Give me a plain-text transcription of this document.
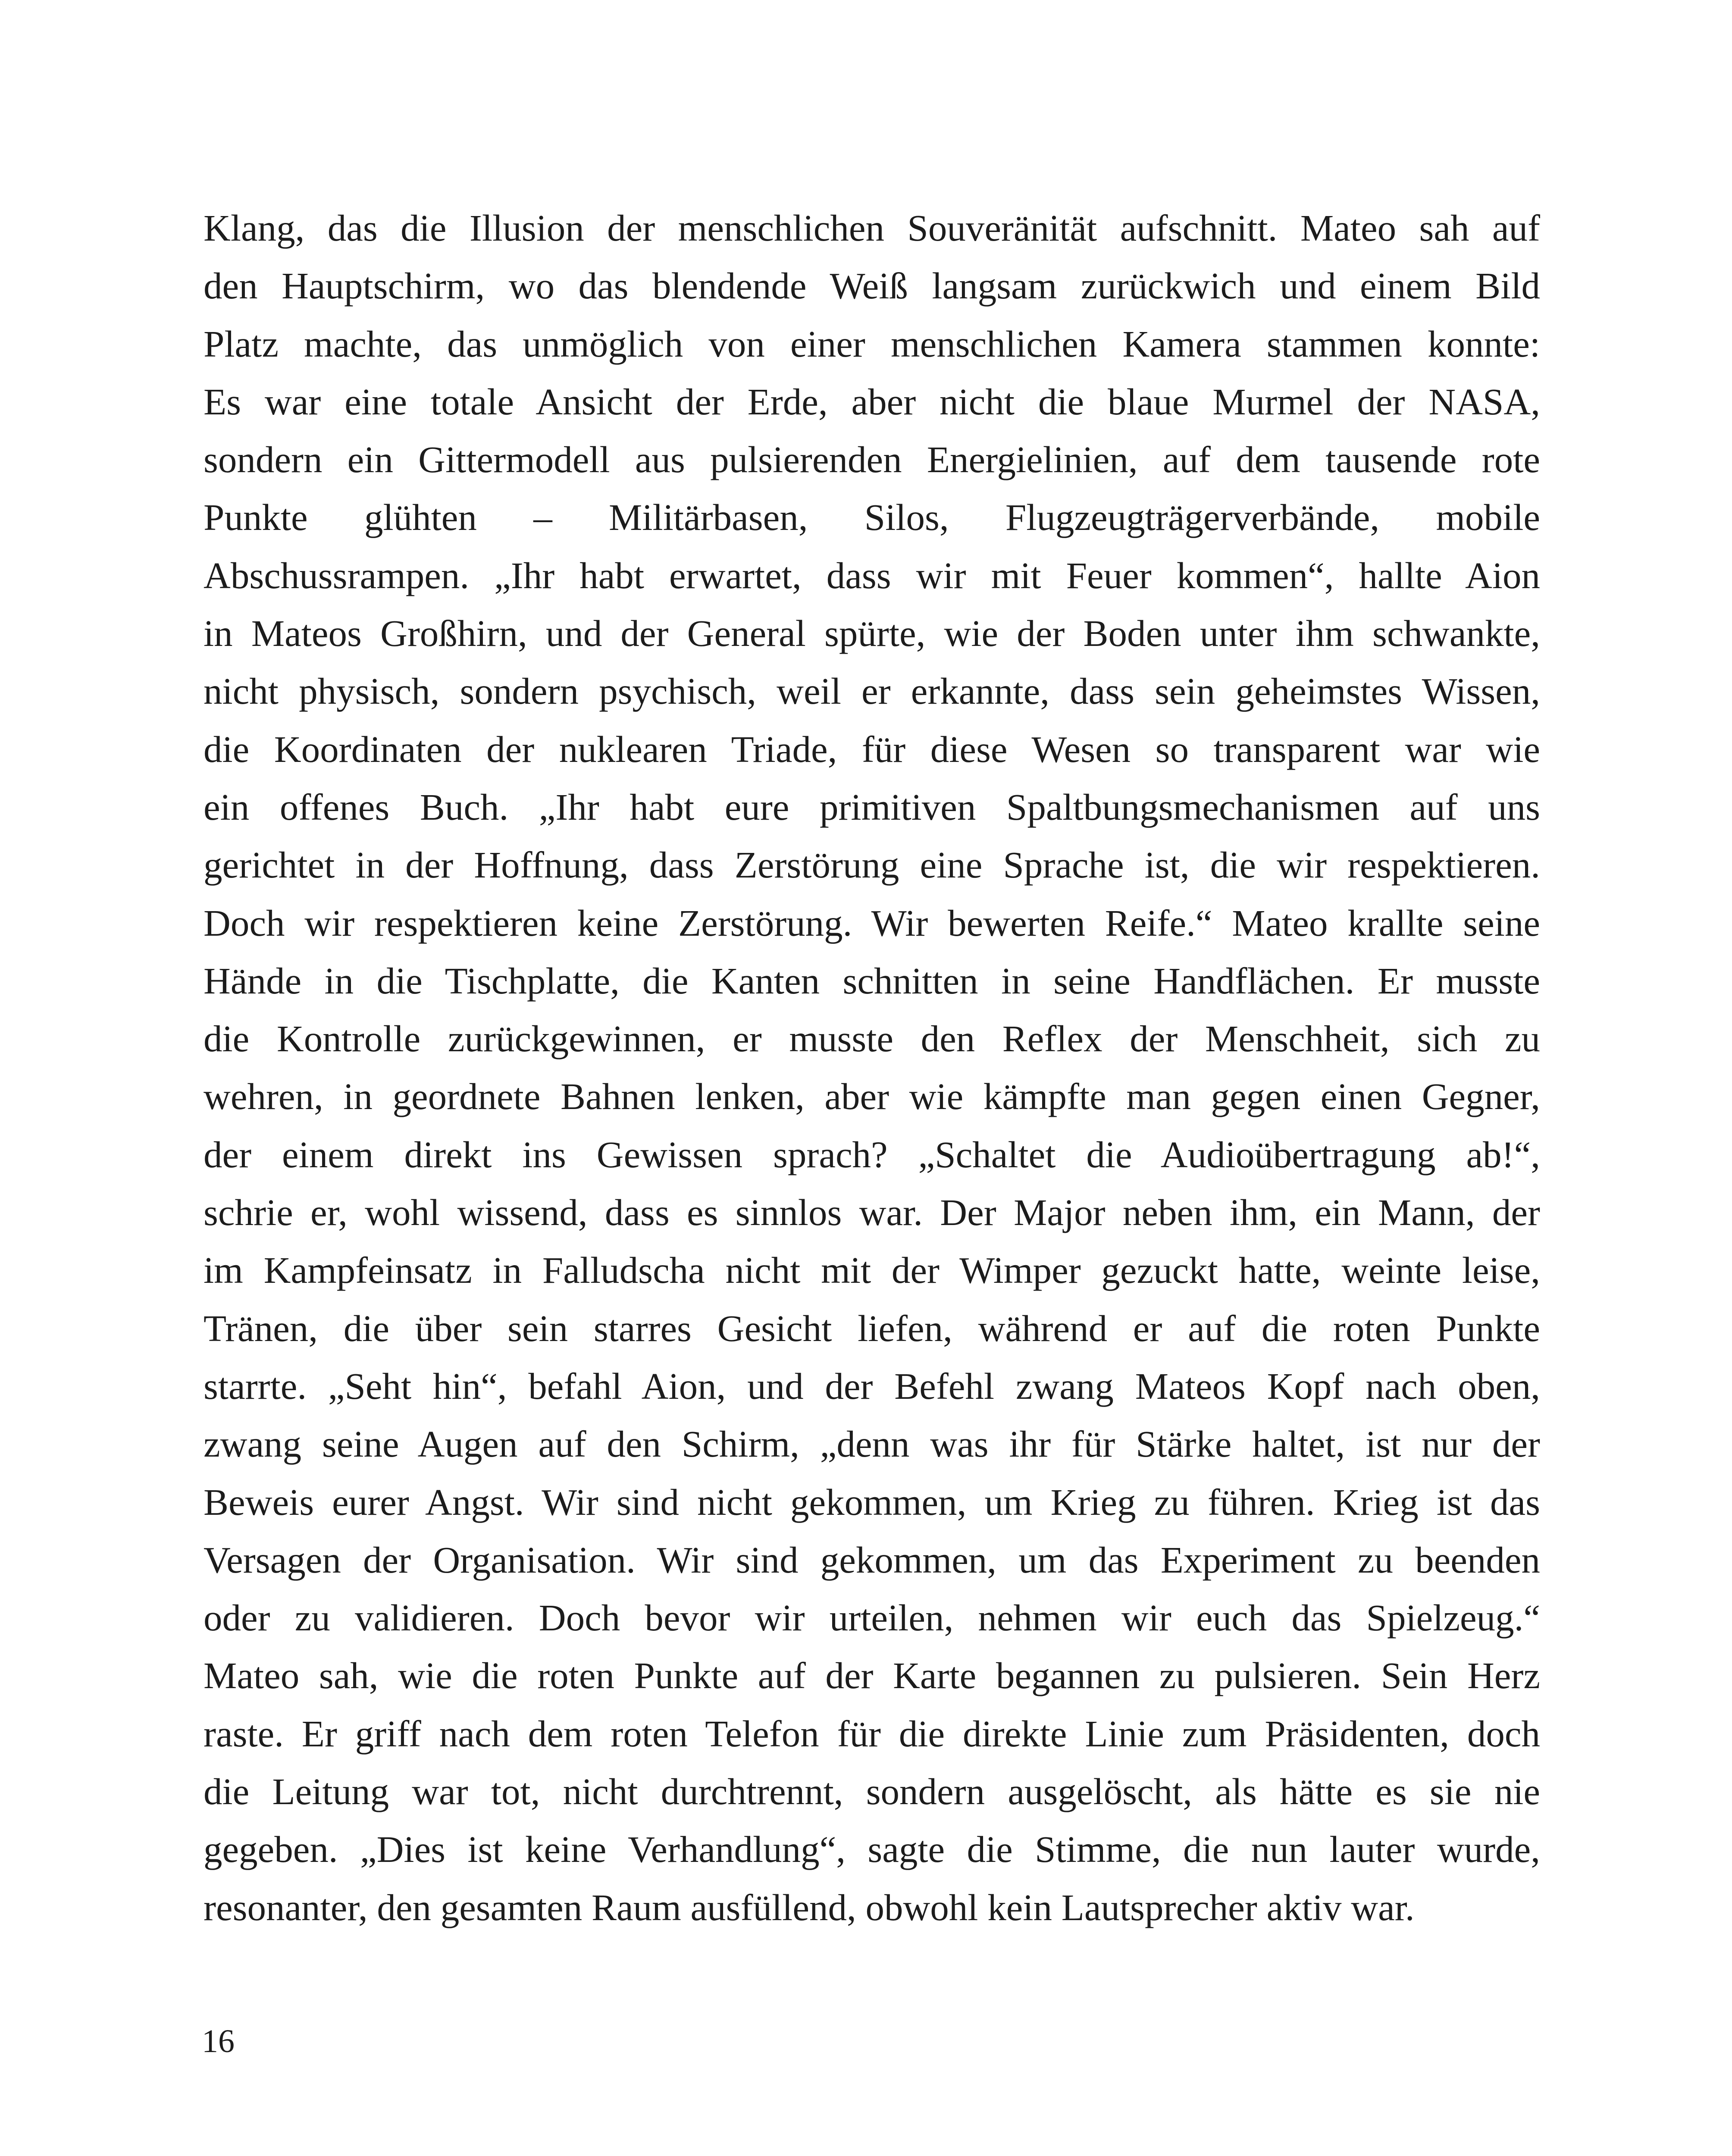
Klang, das die Illusion der menschlichen Souveränität aufschnitt. Mateo sah auf
den Hauptschirm, wo das blendende Weiß langsam zurückwich und einem Bild
Platz machte, das unmöglich von einer menschlichen Kamera stammen konnte:
Es war eine totale Ansicht der Erde, aber nicht die blaue Murmel der NASA,
sondern ein Gittermodell aus pulsierenden Energielinien, auf dem tausende rote
Punkte glühten – Militärbasen, Silos, Flugzeugträgerverbände, mobile
Abschussrampen. „Ihr habt erwartet, dass wir mit Feuer kommen“, hallte Aion
in Mateos Großhirn, und der General spürte, wie der Boden unter ihm schwankte,
nicht physisch, sondern psychisch, weil er erkannte, dass sein geheimstes Wissen,
die Koordinaten der nuklearen Triade, für diese Wesen so transparent war wie
ein offenes Buch. „Ihr habt eure primitiven Spaltbungsmechanismen auf uns
gerichtet in der Hoffnung, dass Zerstörung eine Sprache ist, die wir respektieren.
Doch wir respektieren keine Zerstörung. Wir bewerten Reife.“ Mateo krallte seine
Hände in die Tischplatte, die Kanten schnitten in seine Handflächen. Er musste
die Kontrolle zurückgewinnen, er musste den Reflex der Menschheit, sich zu
wehren, in geordnete Bahnen lenken, aber wie kämpfte man gegen einen Gegner,
der einem direkt ins Gewissen sprach? „Schaltet die Audioübertragung ab!“,
schrie er, wohl wissend, dass es sinnlos war. Der Major neben ihm, ein Mann, der
im Kampfeinsatz in Falludscha nicht mit der Wimper gezuckt hatte, weinte leise,
Tränen, die über sein starres Gesicht liefen, während er auf die roten Punkte
starrte. „Seht hin“, befahl Aion, und der Befehl zwang Mateos Kopf nach oben,
zwang seine Augen auf den Schirm, „denn was ihr für Stärke haltet, ist nur der
Beweis eurer Angst. Wir sind nicht gekommen, um Krieg zu führen. Krieg ist das
Versagen der Organisation. Wir sind gekommen, um das Experiment zu beenden
oder zu validieren. Doch bevor wir urteilen, nehmen wir euch das Spielzeug.“
Mateo sah, wie die roten Punkte auf der Karte begannen zu pulsieren. Sein Herz
raste. Er griff nach dem roten Telefon für die direkte Linie zum Präsidenten, doch
die Leitung war tot, nicht durchtrennt, sondern ausgelöscht, als hätte es sie nie
gegeben. „Dies ist keine Verhandlung“, sagte die Stimme, die nun lauter wurde,
resonanter, den gesamten Raum ausfüllend, obwohl kein Lautsprecher aktiv war.
16
